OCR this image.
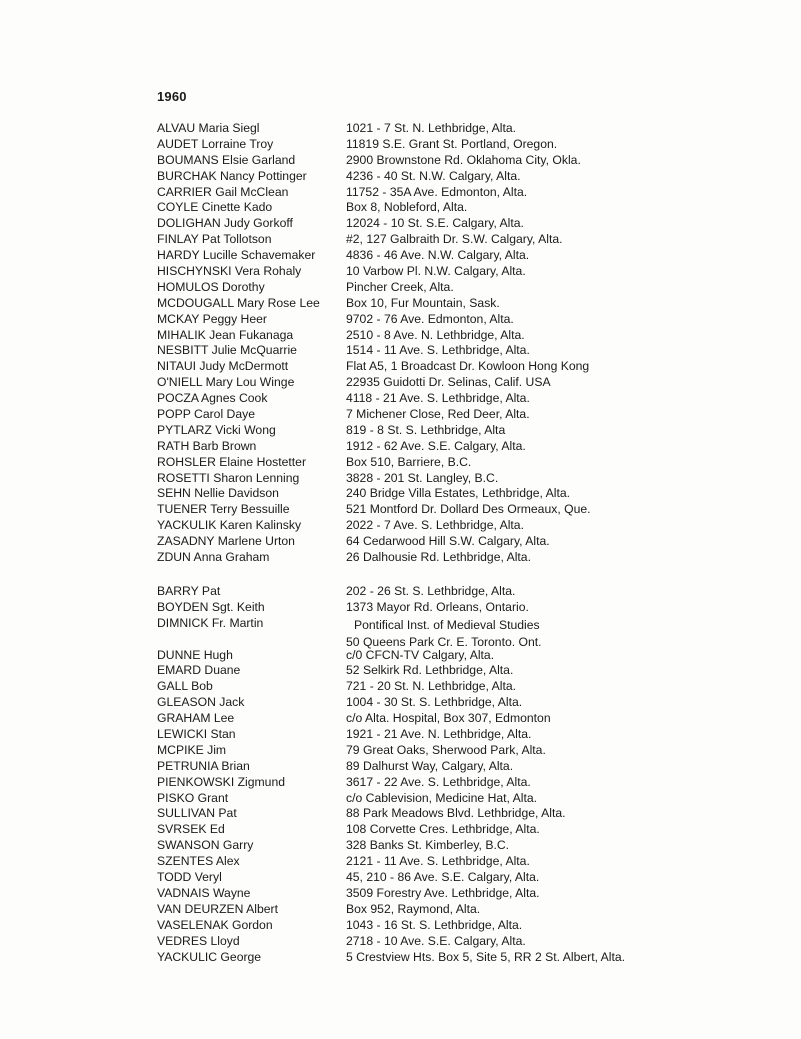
1960
ALVAU Maria Siegl	1021 - 7 St. N. Lethbridge, Alta.
AUDET Lorraine Troy	11819 S.E. Grant St. Portland, Oregon.
BOUMANS Elsie Garland	2900 Brownstone Rd. Oklahoma City, Okla.
BURCHAK Nancy Pottinger	4236 - 40 St. N.W. Calgary, Alta.
CARRIER Gail McClean	11752 - 35A Ave. Edmonton, Alta.
COYLE Cinette Kado	Box 8, Nobleford, Alta.
DOLIGHAN Judy Gorkoff	12024 - 10 St. S.E. Calgary, Alta.
FINLAY Pat Tollotson	#2, 127 Galbraith Dr. S.W. Calgary, Alta.
HARDY Lucille Schavemaker	4836 - 46 Ave. N.W. Calgary, Alta.
HISCHYNSKI Vera Rohaly	10 Varbow Pl. N.W. Calgary, Alta.
HOMULOS Dorothy	Pincher Creek, Alta.
MCDOUGALL Mary Rose Lee Box 10, Fur Mountain, Sask.
MCKAY Peggy Heer	9702 - 76 Ave. Edmonton, Alta.
MIHALIK Jean Fukanaga	2510 - 8 Ave. N. Lethbridge, Alta.
NESBITT Julie McQuarrie	1514 - 11 Ave. S. Lethbridge, Alta.
NITAUI Judy McDermott	Flat A5, 1 Broadcast Dr. Kowloon Hong Kong
O'NIELL Mary Lou Winge	22935 Guidotti Dr. Selinas, Calif. USA
POCZA Agnes Cook	4118 - 21 Ave. S. Lethbridge, Alta.
POPP Carol Daye	7 Michener Close, Red Deer, Alta.
PYTLARZ Vicki Wong	819 - 8 St. S. Lethbridge, Alta
RATH Barb Brown	1912 - 62 Ave. S.E. Calgary, Alta.
ROHSLER Elaine Hostetter	Box 510, Barriere, B.C.
ROSETTI Sharon Lenning	3828 - 201 St. Langley, B.C.
SEHN Nellie Davidson	240 Bridge Villa Estates, Lethbridge, Alta.
TUENER Terry Bessuille	521 Montford Dr. Dollard Des Ormeaux, Que.
YACKULIK Karen Kalinsky	2022 - 7 Ave. S. Lethbridge, Alta.
ZASADNY Marlene Urton	64 Cedarwood Hill S.W. Calgary, Alta.
ZDUN Anna Graham	26 Dalhousie Rd. Lethbridge, Alta.
BARRY Pat	202 - 26 St. S. Lethbridge, Alta.
BOYDEN Sgt. Keith	1373 Mayor Rd. Orleans, Ontario.
DIMNICK Fr. Martin	Pontifical Inst. of Medieval Studies
50 Queens Park Cr. E. Toronto. Ont.
DUNNE Hugh	c/0 CFCN-TV Calgary, Alta.
EMARD Duane	52 Selkirk Rd. Lethbridge, Alta.
GALL Bob	721 - 20 St. N. Lethbridge, Alta.
GLEASON Jack	1004 - 30 St. S. Lethbridge, Alta.
GRAHAM Lee	c/o Alta. Hospital, Box 307, Edmonton
LEWICKI Stan	1921 - 21 Ave. N. Lethbridge, Alta.
MCPIKE Jim	79 Great Oaks, Sherwood Park, Alta.
PETRUNIA Brian	89 Dalhurst Way, Calgary, Alta.
PIENKOWSKI Zigmund	3617 - 22 Ave. S. Lethbridge, Alta.
PISKO Grant	c/o Cablevision, Medicine Hat, Alta.
SULLIVAN Pat	88 Park Meadows Blvd. Lethbridge, Alta.
SVRSEK Ed	108 Corvette Cres. Lethbridge, Alta.
SWANSON Garry	328 Banks St. Kimberley, B.C.
SZENTES Alex	2121 - 11 Ave. S. Lethbridge, Alta.
TODD Veryl	45, 210 - 86 Ave. S.E. Calgary, Alta.
VADNAIS Wayne	3509 Forestry Ave. Lethbridge, Alta.
VAN DEURZEN Albert	Box 952, Raymond, Alta.
VASELENAK Gordon	1043 - 16 St. S. Lethbridge, Alta.
VEDRES Lloyd	2718 - 10 Ave. S.E. Calgary, Alta.
YACKULIC George	5 Crestview Hts. Box 5, Site 5, RR 2 St. Albert, Alta.
